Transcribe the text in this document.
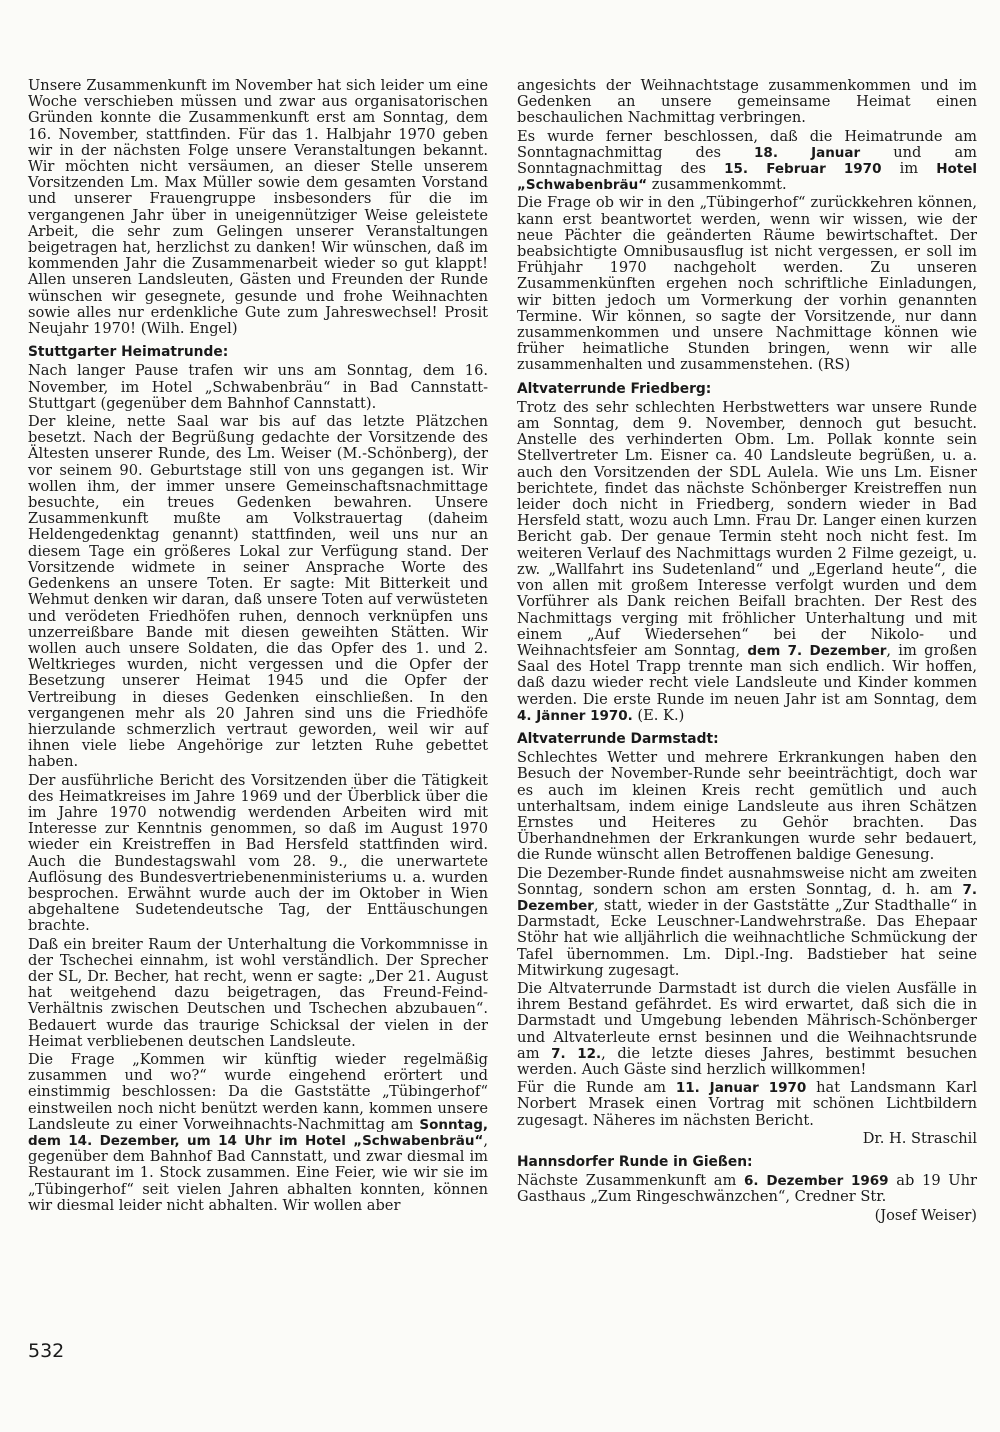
Unsere Zusammenkunft im November hat sich leider um eine Woche verschieben müssen und zwar aus organisatorischen Gründen konnte die Zusammenkunft erst am Sonntag, dem 16. November, stattfinden. Für das 1. Halbjahr 1970 geben wir in der nächsten Folge unsere Veranstaltungen bekannt. Wir möchten nicht versäumen, an dieser Stelle unserem Vorsitzenden Lm. Max Müller sowie dem gesamten Vorstand und unserer Frauengruppe insbesonders für die im vergangenen Jahr über in uneigennütziger Weise geleistete Arbeit, die sehr zum Gelingen unserer Veranstaltungen beigetragen hat, herzlichst zu danken! Wir wünschen, daß im kommenden Jahr die Zusammenarbeit wieder so gut klappt! Allen unseren Landsleuten, Gästen und Freunden der Runde wünschen wir gesegnete, gesunde und frohe Weihnachten sowie alles nur erdenkliche Gute zum Jahreswechsel! Prosit Neujahr 1970! (Wilh. Engel)

Stuttgarter Heimatrunde:

Nach langer Pause trafen wir uns am Sonntag, dem 16. November, im Hotel „Schwabenbräu“ in Bad Cannstatt-Stuttgart (gegenüber dem Bahnhof Cannstatt).

Der kleine, nette Saal war bis auf das letzte Plätzchen besetzt. Nach der Begrüßung gedachte der Vorsitzende des Ältesten unserer Runde, des Lm. Weiser (M.-Schönberg), der vor seinem 90. Geburtstage still von uns gegangen ist. Wir wollen ihm, der immer unsere Gemeinschaftsnachmittage besuchte, ein treues Gedenken bewahren. Unsere Zusammenkunft mußte am Volkstrauertag (daheim Heldengedenktag genannt) stattfinden, weil uns nur an diesem Tage ein größeres Lokal zur Verfügung stand. Der Vorsitzende widmete in seiner Ansprache Worte des Gedenkens an unsere Toten. Er sagte: Mit Bitterkeit und Wehmut denken wir daran, daß unsere Toten auf verwüsteten und verödeten Friedhöfen ruhen, dennoch verknüpfen uns unzerreißbare Bande mit diesen geweihten Stätten. Wir wollen auch unsere Soldaten, die das Opfer des 1. und 2. Weltkrieges wurden, nicht vergessen und die Opfer der Besetzung unserer Heimat 1945 und die Opfer der Vertreibung in dieses Gedenken einschließen. In den vergangenen mehr als 20 Jahren sind uns die Friedhöfe hierzulande schmerzlich vertraut geworden, weil wir auf ihnen viele liebe Angehörige zur letzten Ruhe gebettet haben.

Der ausführliche Bericht des Vorsitzenden über die Tätigkeit des Heimatkreises im Jahre 1969 und der Überblick über die im Jahre 1970 notwendig werdenden Arbeiten wird mit Interesse zur Kenntnis genommen, so daß im August 1970 wieder ein Kreistreffen in Bad Hersfeld stattfinden wird. Auch die Bundestagswahl vom 28. 9., die unerwartete Auflösung des Bundesvertriebenenministeriums u. a. wurden besprochen. Erwähnt wurde auch der im Oktober in Wien abgehaltene Sudetendeutsche Tag, der Enttäuschungen brachte.

Daß ein breiter Raum der Unterhaltung die Vorkommnisse in der Tschechei einnahm, ist wohl verständlich. Der Sprecher der SL, Dr. Becher, hat recht, wenn er sagte: „Der 21. August hat weitgehend dazu beigetragen, das Freund-Feind-Verhältnis zwischen Deutschen und Tschechen abzubauen“. Bedauert wurde das traurige Schicksal der vielen in der Heimat verbliebenen deutschen Landsleute.

Die Frage „Kommen wir künftig wieder regelmäßig zusammen und wo?“ wurde eingehend erörtert und einstimmig beschlossen: Da die Gaststätte „Tübingerhof“ einstweilen noch nicht benützt werden kann, kommen unsere Landsleute zu einer Vorweihnachts-Nachmittag am Sonntag, dem 14. Dezember, um 14 Uhr im Hotel „Schwabenbräu“, gegenüber dem Bahnhof Bad Cannstatt, und zwar diesmal im Restaurant im 1. Stock zusammen. Eine Feier, wie wir sie im „Tübingerhof“ seit vielen Jahren abhalten konnten, können wir diesmal leider nicht abhalten. Wir wollen aber

angesichts der Weihnachtstage zusammenkommen und im Gedenken an unsere gemeinsame Heimat einen beschaulichen Nachmittag verbringen.

Es wurde ferner beschlossen, daß die Heimatrunde am Sonntagnachmittag des 18. Januar und am Sonntagnachmittag des 15. Februar 1970 im Hotel „Schwabenbräu“ zusammenkommt.

Die Frage ob wir in den „Tübingerhof“ zurückkehren können, kann erst beantwortet werden, wenn wir wissen, wie der neue Pächter die geänderten Räume bewirtschaftet. Der beabsichtigte Omnibusausflug ist nicht vergessen, er soll im Frühjahr 1970 nachgeholt werden. Zu unseren Zusammenkünften ergehen noch schriftliche Einladungen, wir bitten jedoch um Vormerkung der vorhin genannten Termine. Wir können, so sagte der Vorsitzende, nur dann zusammenkommen und unsere Nachmittage können wie früher heimatliche Stunden bringen, wenn wir alle zusammenhalten und zusammenstehen. (RS)

Altvaterrunde Friedberg:

Trotz des sehr schlechten Herbstwetters war unsere Runde am Sonntag, dem 9. November, dennoch gut besucht. Anstelle des verhinderten Obm. Lm. Pollak konnte sein Stellvertreter Lm. Eisner ca. 40 Landsleute begrüßen, u. a. auch den Vorsitzenden der SDL Aulela. Wie uns Lm. Eisner berichtete, findet das nächste Schönberger Kreistreffen nun leider doch nicht in Friedberg, sondern wieder in Bad Hersfeld statt, wozu auch Lmn. Frau Dr. Langer einen kurzen Bericht gab. Der genaue Termin steht noch nicht fest. Im weiteren Verlauf des Nachmittags wurden 2 Filme gezeigt, u. zw. „Wallfahrt ins Sudetenland“ und „Egerland heute“, die von allen mit großem Interesse verfolgt wurden und dem Vorführer als Dank reichen Beifall brachten. Der Rest des Nachmittags verging mit fröhlicher Unterhaltung und mit einem „Auf Wiedersehen“ bei der Nikolo- und Weihnachtsfeier am Sonntag, dem 7. Dezember, im großen Saal des Hotel Trapp trennte man sich endlich. Wir hoffen, daß dazu wieder recht viele Landsleute und Kinder kommen werden. Die erste Runde im neuen Jahr ist am Sonntag, dem 4. Jänner 1970. (E. K.)

Altvaterrunde Darmstadt:

Schlechtes Wetter und mehrere Erkrankungen haben den Besuch der November-Runde sehr beeinträchtigt, doch war es auch im kleinen Kreis recht gemütlich und auch unterhaltsam, indem einige Landsleute aus ihren Schätzen Ernstes und Heiteres zu Gehör brachten. Das Überhandnehmen der Erkrankungen wurde sehr bedauert, die Runde wünscht allen Betroffenen baldige Genesung.

Die Dezember-Runde findet ausnahmsweise nicht am zweiten Sonntag, sondern schon am ersten Sonntag, d. h. am 7. Dezember, statt, wieder in der Gaststätte „Zur Stadthalle“ in Darmstadt, Ecke Leuschner-Landwehrstraße. Das Ehepaar Stöhr hat wie alljährlich die weihnachtliche Schmückung der Tafel übernommen. Lm. Dipl.-Ing. Badstieber hat seine Mitwirkung zugesagt.

Die Altvaterrunde Darmstadt ist durch die vielen Ausfälle in ihrem Bestand gefährdet. Es wird erwartet, daß sich die in Darmstadt und Umgebung lebenden Mährisch-Schönberger und Altvaterleute ernst besinnen und die Weihnachtsrunde am 7. 12., die letzte dieses Jahres, bestimmt besuchen werden. Auch Gäste sind herzlich willkommen!

Für die Runde am 11. Januar 1970 hat Landsmann Karl Norbert Mrasek einen Vortrag mit schönen Lichtbildern zugesagt. Näheres im nächsten Bericht.

Dr. H. Straschil

Hannsdorfer Runde in Gießen:

Nächste Zusammenkunft am 6. Dezember 1969 ab 19 Uhr Gasthaus „Zum Ringeschwänzchen“, Credner Str.

(Josef Weiser)

532
